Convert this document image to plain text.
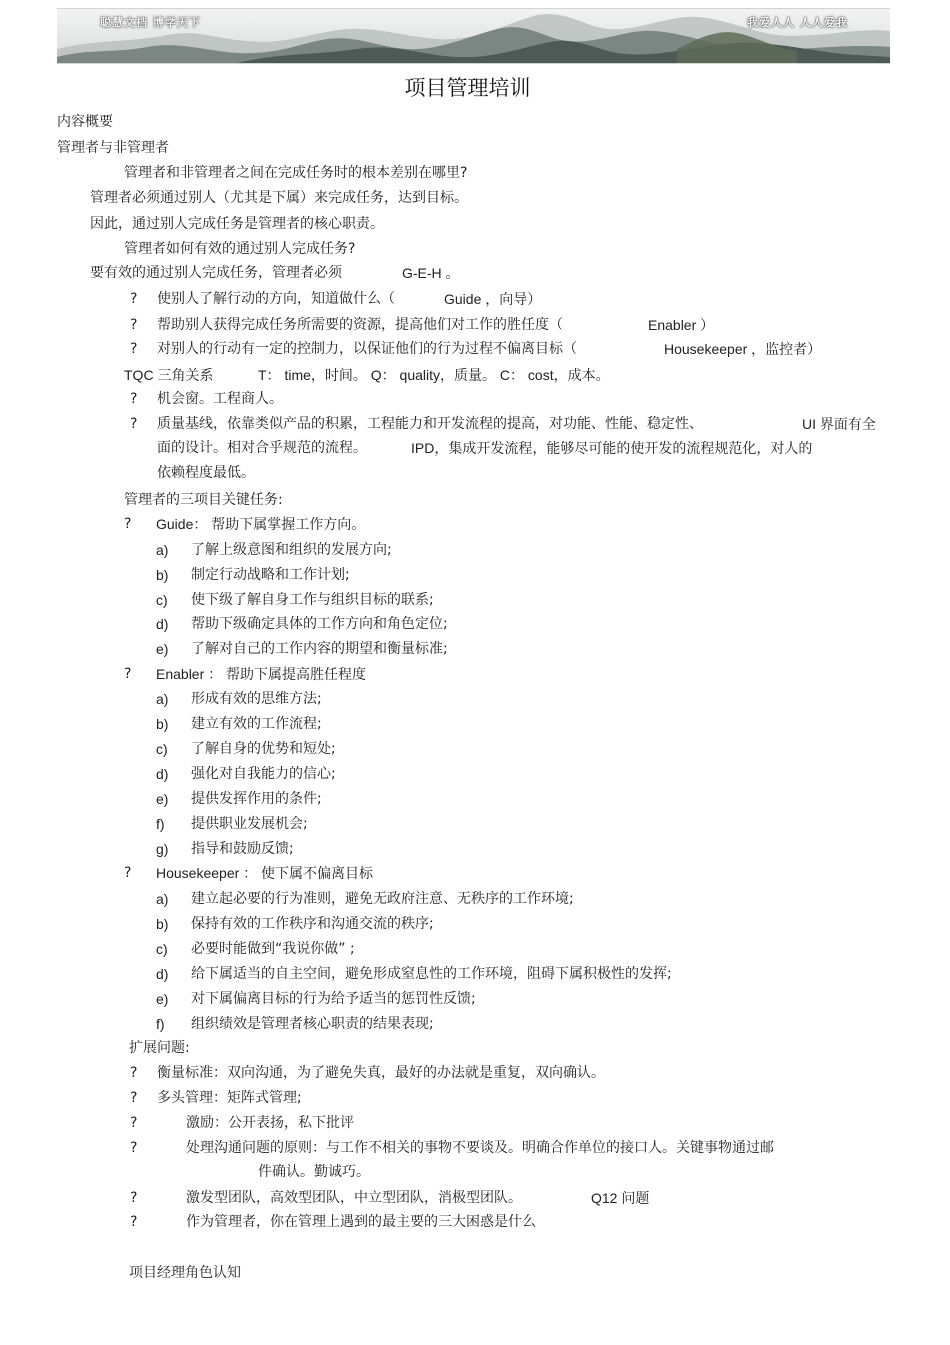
聪慧文档 博学天下	我爱人人 人人爱我
项目管理培训
内容概要
管理者与非管理者
管理者和非管理者之间在完成任务时的根本差别在哪里?
管理者必须通过别人（尤其是下属）来完成任务，达到目标。
因此，通过别人完成任务是管理者的核心职责。
管理者如何有效的通过别人完成任务?
要有效的通过别人完成任务，管理者必须	G-E-H 。
? 使别人了解行动的方向，知道做什么（	Guide ，向导）
? 帮助别人获得完成任务所需要的资源，提高他们对工作的胜任度（	Enabler ）
? 对别人的行动有一定的控制力，以保证他们的行为过程不偏离目标（	Housekeeper ，监控者）
TQC 三角关系	T： time，时间。 Q： quality，质量。 C： cost，成本。
? 机会窗。工程商人。
? 质量基线，依靠类似产品的积累，工程能力和开发流程的提高，对功能、性能、稳定性、	UI 界面有全
面的设计。相对合乎规范的流程。	IPD，集成开发流程，能够尽可能的使开发的流程规范化，对人的
依赖程度最低。
管理者的三项目关键任务:
? Guide： 帮助下属掌握工作方向。
a) 了解上级意图和组织的发展方向;
b) 制定行动战略和工作计划;
c) 使下级了解自身工作与组织目标的联系;
d) 帮助下级确定具体的工作方向和角色定位;
e) 了解对自己的工作内容的期望和衡量标准;
? Enabler ： 帮助下属提高胜任程度
a) 形成有效的思维方法;
b) 建立有效的工作流程;
c) 了解自身的优势和短处;
d) 强化对自我能力的信心;
e) 提供发挥作用的条件;
f) 提供职业发展机会;
g) 指导和鼓励反馈;
? Housekeeper ： 使下属不偏离目标
a) 建立起必要的行为准则，避免无政府注意、无秩序的工作环境;
b) 保持有效的工作秩序和沟通交流的秩序;
c) 必要时能做到“我说你做” ;
d) 给下属适当的自主空间，避免形成窒息性的工作环境，阻碍下属积极性的发挥;
e) 对下属偏离目标的行为给予适当的惩罚性反馈;
f) 组织绩效是管理者核心职责的结果表现;
扩展问题:
? 衡量标准：双向沟通，为了避免失真，最好的办法就是重复，双向确认。
? 多头管理：矩阵式管理;
?	激励：公开表扬，私下批评
?	处理沟通问题的原则：与工作不相关的事物不要谈及。明确合作单位的接口人。关键事物通过邮
件确认。勤诚巧。
?	激发型团队，高效型团队，中立型团队，消极型团队。	Q12 问题
?	作为管理者，你在管理上遇到的最主要的三大困惑是什么
项目经理角色认知
